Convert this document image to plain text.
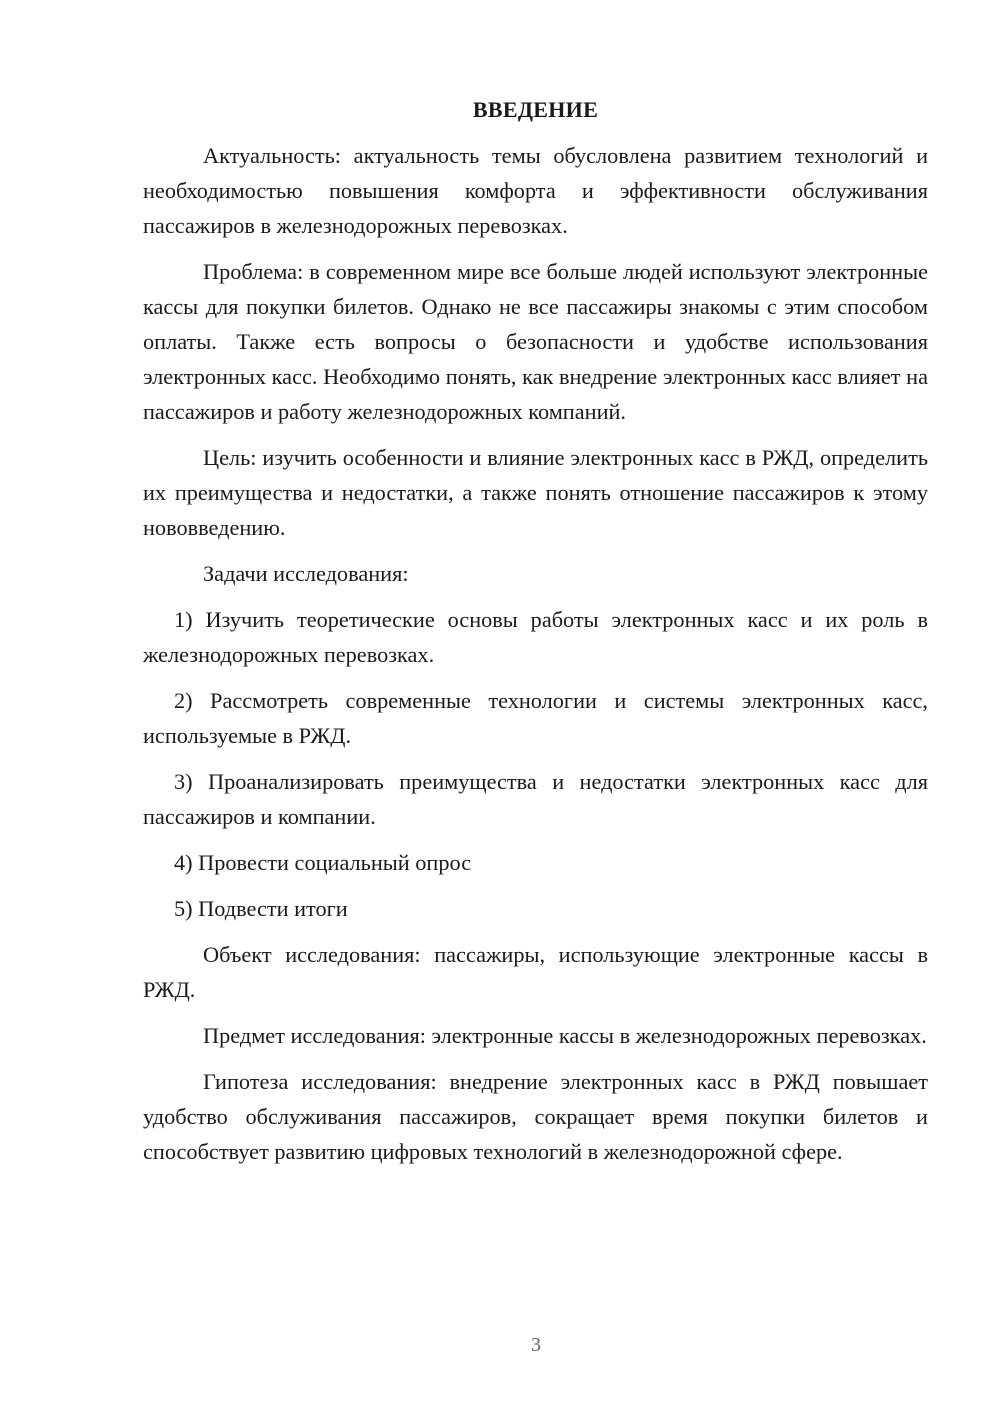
ВВЕДЕНИЕ

Актуальность: актуальность темы обусловлена развитием технологий и необходимостью повышения комфорта и эффективности обслуживания пассажиров в железнодорожных перевозках.

Проблема: в современном мире все больше людей используют электронные кассы для покупки билетов. Однако не все пассажиры знакомы с этим способом оплаты. Также есть вопросы о безопасности и удобстве использования электронных касс. Необходимо понять, как внедрение электронных касс влияет на пассажиров и работу железнодорожных компаний.

Цель: изучить особенности и влияние электронных касс в РЖД, определить их преимущества и недостатки, а также понять отношение пассажиров к этому нововведению.

Задачи исследования:

1) Изучить теоретические основы работы электронных касс и их роль в железнодорожных перевозках.

2) Рассмотреть современные технологии и системы электронных касс, используемые в РЖД.

3) Проанализировать преимущества и недостатки электронных касс для пассажиров и компании.

4) Провести социальный опрос

5) Подвести итоги

Объект исследования: пассажиры, использующие электронные кассы в РЖД.

Предмет исследования: электронные кассы в железнодорожных перевозках.

Гипотеза исследования: внедрение электронных касс в РЖД повышает удобство обслуживания пассажиров, сокращает время покупки билетов и способствует развитию цифровых технологий в железнодорожной сфере.

3
